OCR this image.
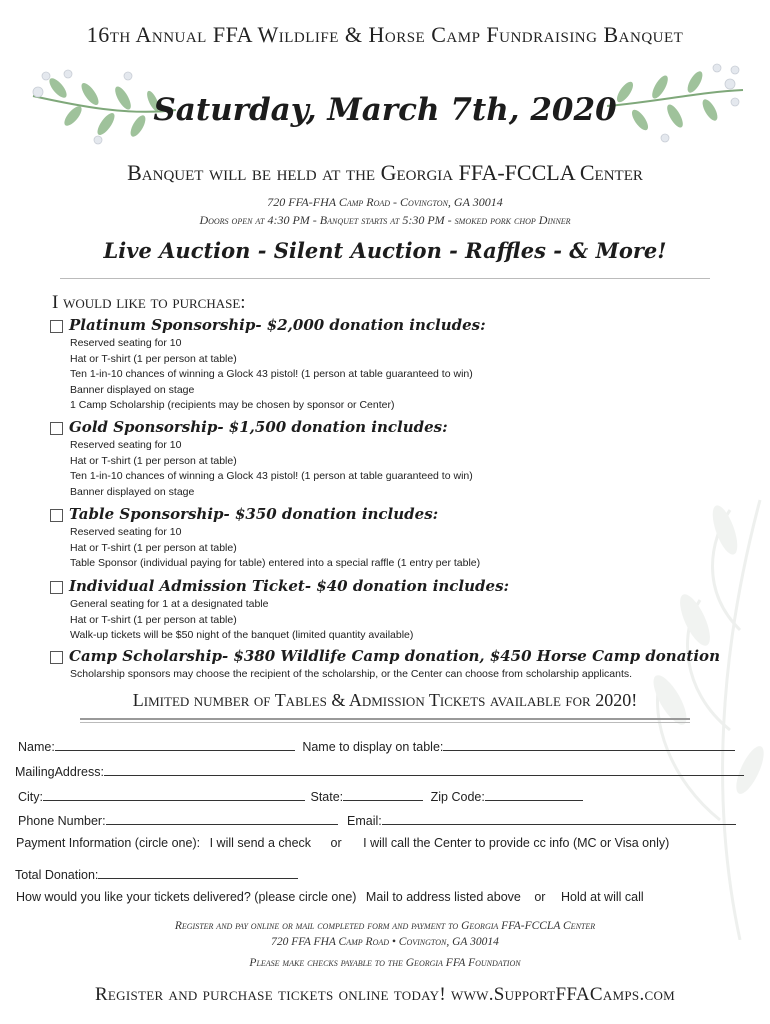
16th Annual FFA Wildlife & Horse Camp Fundraising Banquet
Saturday, March 7th, 2020
Banquet will be held at the Georgia FFA-FCCLA Center
720 FFA-FHA Camp Road - Covington, GA 30014
Doors open at 4:30 PM - Banquet starts at 5:30 PM - smoked pork chop Dinner
Live Auction - Silent Auction - Raffles - & More!
I would like to purchase:
Platinum Sponsorship- $2,000 donation includes:
Reserved seating for 10
Hat or T-shirt (1 per person at table)
Ten 1-in-10 chances of winning a Glock 43 pistol! (1 person at table guaranteed to win)
Banner displayed on stage
1 Camp Scholarship (recipients may be chosen by sponsor or Center)
Gold Sponsorship- $1,500 donation includes:
Reserved seating for 10
Hat or T-shirt (1 per person at table)
Ten 1-in-10 chances of winning a Glock 43 pistol! (1 person at table guaranteed to win)
Banner displayed on stage
Table Sponsorship- $350 donation includes:
Reserved seating for 10
Hat or T-shirt (1 per person at table)
Table Sponsor (individual paying for table) entered into a special raffle (1 entry per table)
Individual Admission Ticket- $40 donation includes:
General seating for 1 at a designated table
Hat or T-shirt (1 per person at table)
Walk-up tickets will be $50 night of the banquet (limited quantity available)
Camp Scholarship- $380 Wildlife Camp donation, $450 Horse Camp donation
Scholarship sponsors may choose the recipient of the scholarship, or the Center can choose from scholarship applicants.
Limited number of Tables & Admission Tickets available for 2020!
Name:	Name to display on table:
MailingAddress:
City:	State:	Zip Code:
Phone Number:	Email:
Payment Information (circle one): I will send a check or I will call the Center to provide cc info (MC or Visa only)
Total Donation:
How would you like your tickets delivered? (please circle one) Mail to address listed above or Hold at will call
Register and pay online or mail completed form and payment to Georgia FFA-FCCLA Center
720 FFA FHA Camp Road • Covington, GA 30014
Please make checks payable to the Georgia FFA Foundation
Register and purchase tickets online today! www.SupportFFACamps.com
